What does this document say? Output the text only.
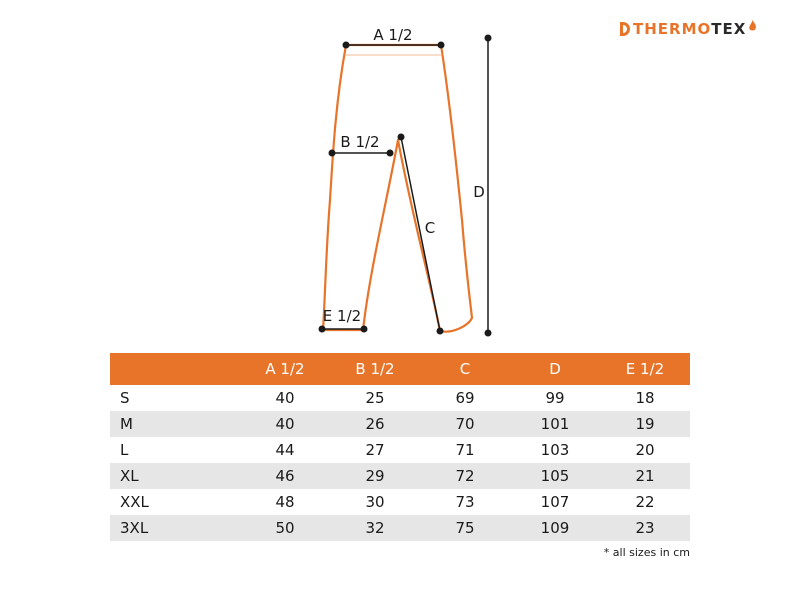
A 1/2
B 1/2
C
D
E 1/2
THERMO TEX
	A 1/2	B 1/2	C	D	E 1/2
S	40	25	69	99	18
M	40	26	70	101	19
L	44	27	71	103	20
XL	46	29	72	105	21
XXL	48	30	73	107	22
3XL	50	32	75	109	23
* all sizes in cm
